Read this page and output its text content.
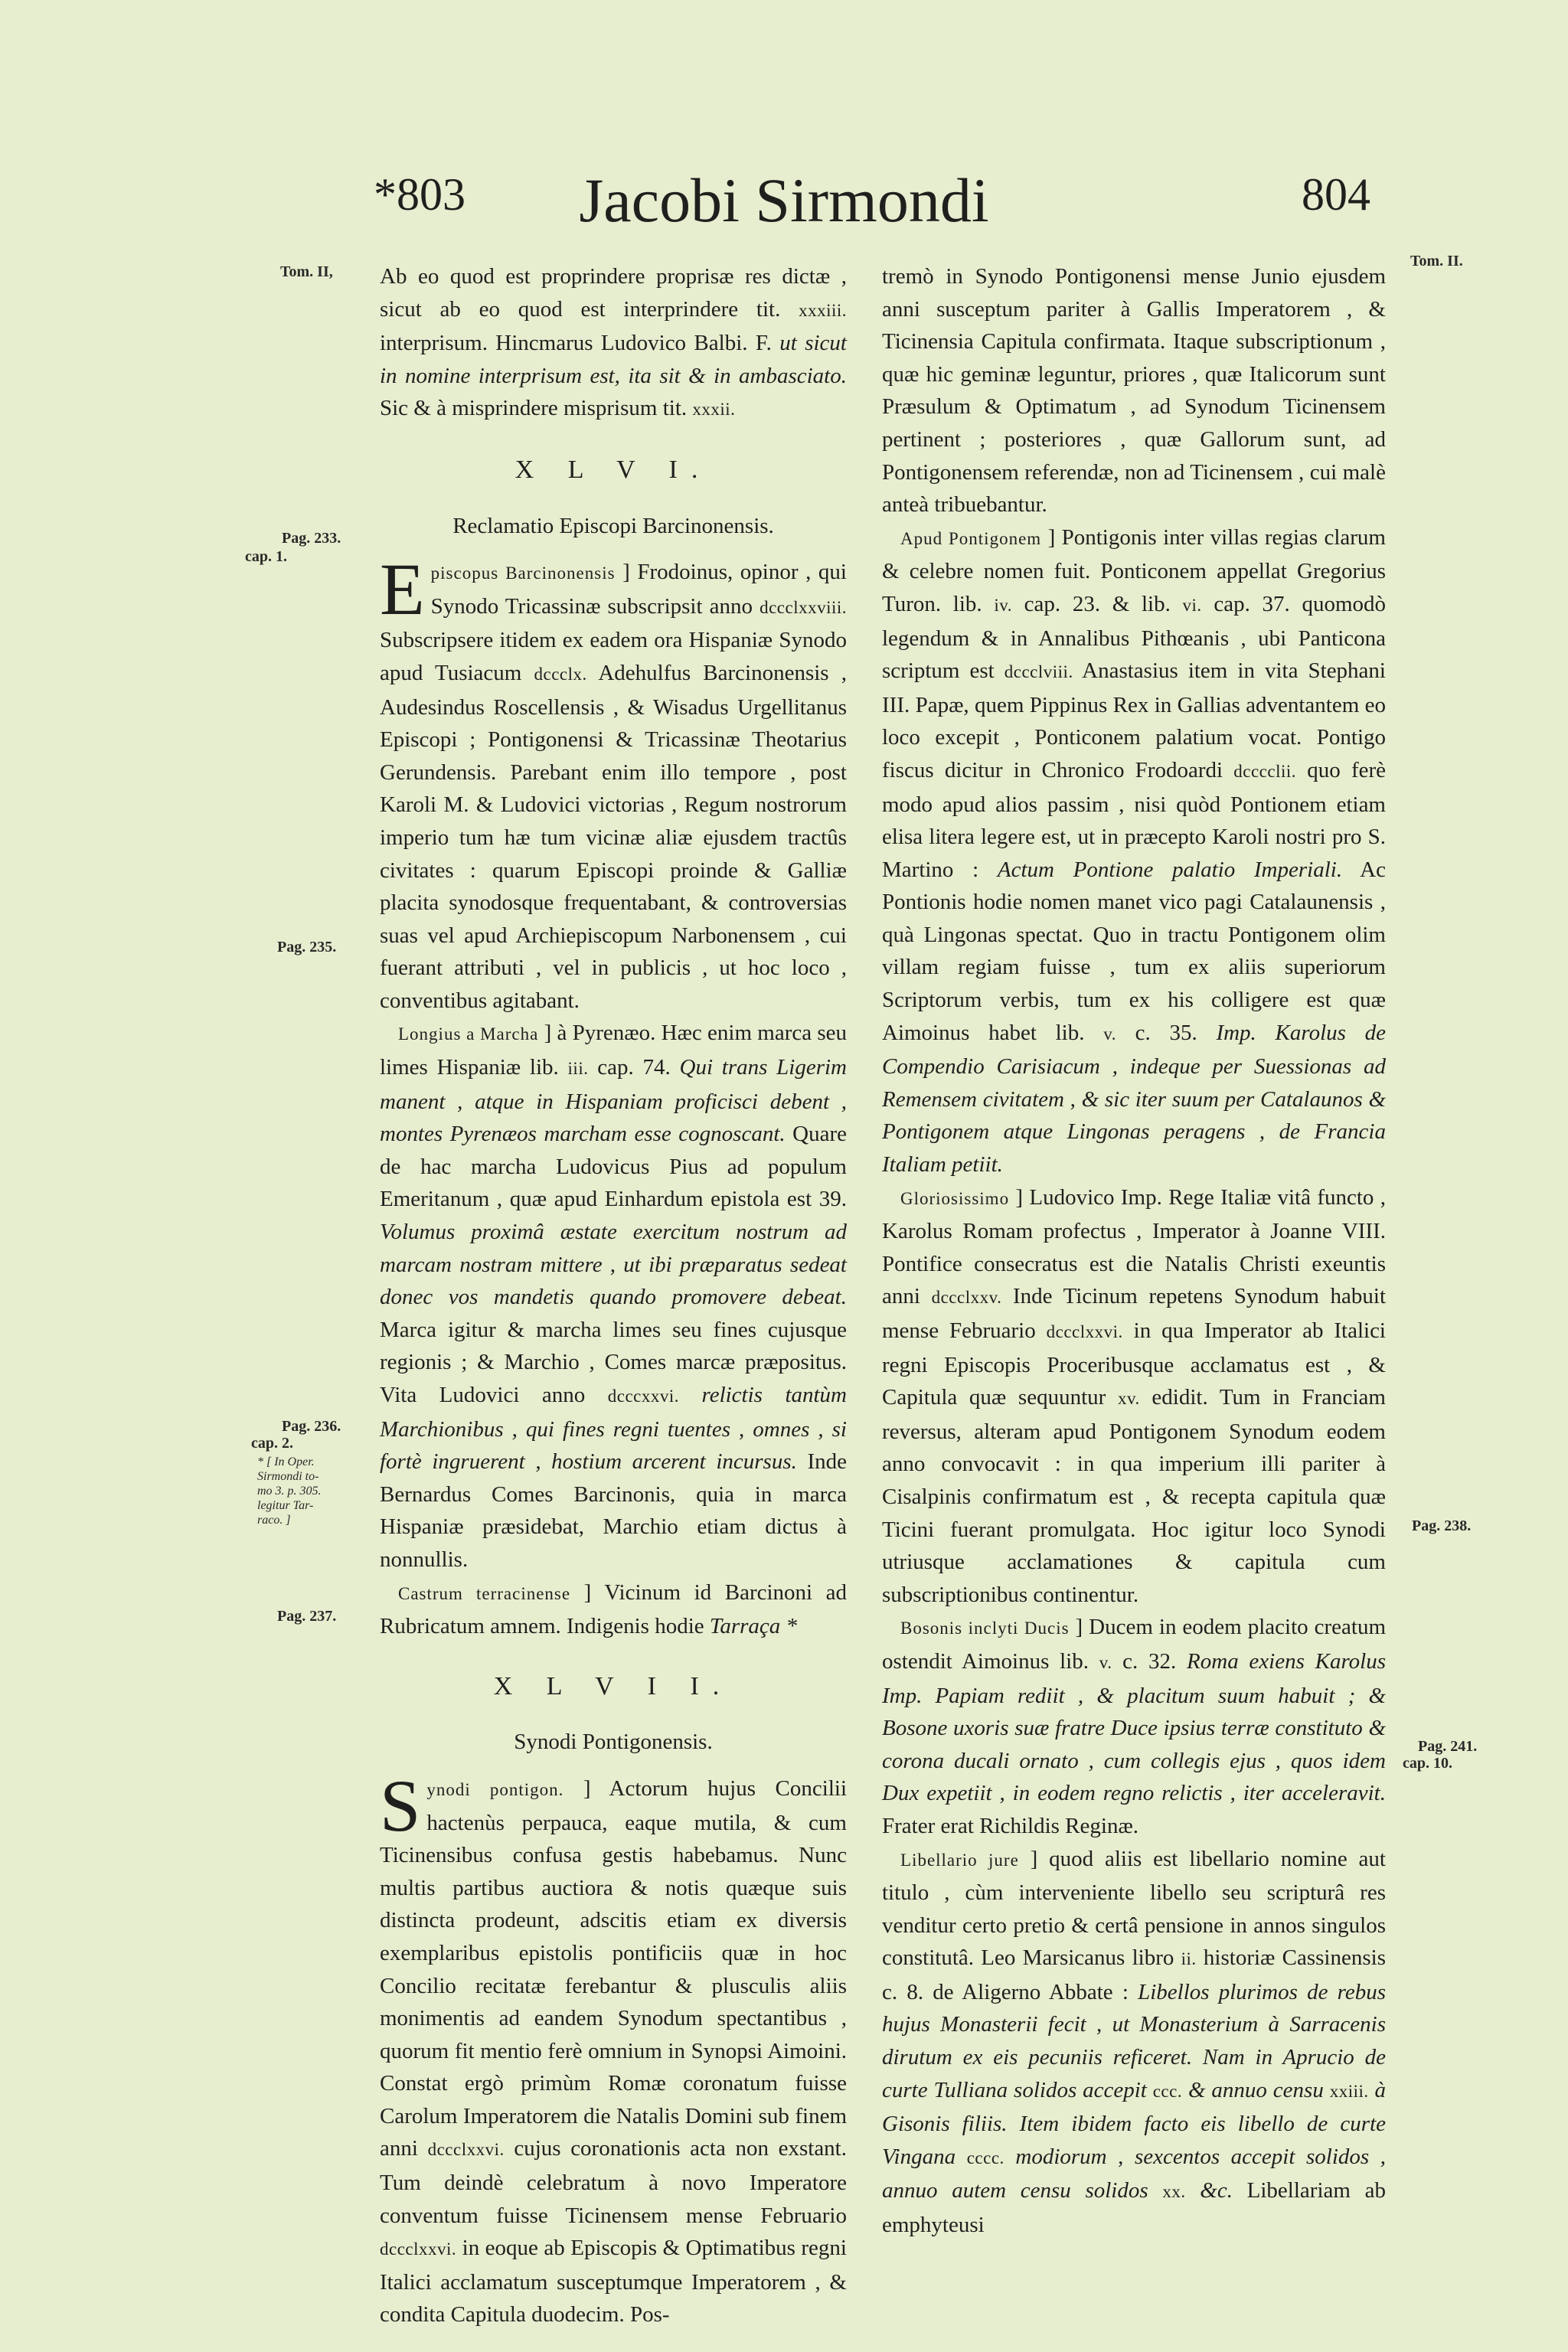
*803	Jacobi Sirmondi	804
Tom. II,
Tom. II.
Pag. 233.
cap. 1.
Pag. 235.
Pag. 236.
cap. 2.
* [ In Oper.
Sirmondi to-
mo 3. p. 305.
legitur Tar-
raco. ]
Pag. 237.
Pag. 238.
Pag. 241.
cap. 10.

Ab eo quod est proprindere proprisæ res dictæ , sicut ab eo quod est interprindere tit. xxxiii. interprisum. Hincmarus Ludovico Balbi. F. ut sicut in nomine interprisum est, ita sit & in ambasciato. Sic & à misprindere misprisum tit. xxxii.

X L V I.
Reclamatio Episcopi Barcinonensis.

Episcopus Barcinonensis ] Frodoinus, opinor , qui Synodo Tricassinæ subscripsit anno dccclxxviii. Subscripsere itidem ex eadem ora Hispaniæ Synodo apud Tusiacum dccclx. Adehulfus Barcinonensis , Audesindus Roscellensis , & Wisadus Urgellitanus Episcopi ; Pontigonensi & Tricassinæ Theotarius Gerundensis. Parebant enim illo tempore , post Karoli M. & Ludovici victorias , Regum nostrorum imperio tum hæ tum vicinæ aliæ ejusdem tractûs civitates : quarum Episcopi proinde & Galliæ placita synodosque frequentabant, & controversias suas vel apud Archiepiscopum Narbonensem , cui fuerant attributi , vel in publicis , ut hoc loco , conventibus agitabant.

Longius a Marcha ] à Pyrenæo. Hæc enim marca seu limes Hispaniæ lib. iii. cap. 74. Qui trans Ligerim manent , atque in Hispaniam proficisci debent , montes Pyrenæos marcham esse cognoscant. Quare de hac marcha Ludovicus Pius ad populum Emeritanum , quæ apud Einhardum epistola est 39. Volumus proximâ æstate exercitum nostrum ad marcam nostram mittere , ut ibi præparatus sedeat donec vos mandetis quando promovere debeat. Marca igitur & marcha limes seu fines cujusque regionis ; & Marchio , Comes marcæ præpositus. Vita Ludovici anno dcccxxvi. relictis tantùm Marchionibus , qui fines regni tuentes , omnes , si fortè ingruerent , hostium arcerent incursus. Inde Bernardus Comes Barcinonis, quia in marca Hispaniæ præsidebat, Marchio etiam dictus à nonnullis.

Castrum terracinense ] Vicinum id Barcinoni ad Rubricatum amnem. Indigenis hodie Tarraça *

X L V I I.
Synodi Pontigonensis.

Synodi pontigon. ] Actorum hujus Concilii hactenùs perpauca, eaque mutila, & cum Ticinensibus confusa gestis habebamus. Nunc multis partibus auctiora & notis quæque suis distincta prodeunt, adscitis etiam ex diversis exemplaribus epistolis pontificiis quæ in hoc Concilio recitatæ ferebantur & plusculis aliis monimentis ad eandem Synodum spectantibus , quorum fit mentio ferè omnium in Synopsi Aimoini. Constat ergò primùm Romæ coronatum fuisse Carolum Imperatorem die Natalis Domini sub finem anni dccclxxvi. cujus coronationis acta non exstant. Tum deindè celebratum à novo Imperatore conventum fuisse Ticinensem mense Februario dccclxxvi. in eoque ab Episcopis & Optimatibus regni Italici acclamatum susceptumque Imperatorem , & condita Capitula duodecim. Pos-

tremò in Synodo Pontigonensi mense Junio ejusdem anni susceptum pariter à Gallis Imperatorem , & Ticinensia Capitula confirmata. Itaque subscriptionum , quæ hic geminæ leguntur, priores , quæ Italicorum sunt Præsulum & Optimatum , ad Synodum Ticinensem pertinent ; posteriores , quæ Gallorum sunt, ad Pontigonensem referendæ, non ad Ticinensem , cui malè anteà tribuebantur.

Apud Pontigonem ] Pontigonis inter villas regias clarum & celebre nomen fuit. Ponticonem appellat Gregorius Turon. lib. iv. cap. 23. & lib. vi. cap. 37. quomodò legendum & in Annalibus Pithœanis , ubi Panticona scriptum est dccclviii. Anastasius item in vita Stephani III. Papæ, quem Pippinus Rex in Gallias adventantem eo loco excepit , Ponticonem palatium vocat. Pontigo fiscus dicitur in Chronico Frodoardi dcccclii. quo ferè modo apud alios passim , nisi quòd Pontionem etiam elisa litera legere est, ut in præcepto Karoli nostri pro S. Martino : Actum Pontione palatio Imperiali. Ac Pontionis hodie nomen manet vico pagi Catalaunensis , quà Lingonas spectat. Quo in tractu Pontigonem olim villam regiam fuisse , tum ex aliis superiorum Scriptorum verbis, tum ex his colligere est quæ Aimoinus habet lib. v. c. 35. Imp. Karolus de Compendio Carisiacum , indeque per Suessionas ad Remensem civitatem , & sic iter suum per Catalaunos & Pontigonem atque Lingonas peragens , de Francia Italiam petiit.

Gloriosissimo ] Ludovico Imp. Rege Italiæ vitâ functo , Karolus Romam profectus , Imperator à Joanne VIII. Pontifice consecratus est die Natalis Christi exeuntis anni dccclxxv. Inde Ticinum repetens Synodum habuit mense Februario dccclxxvi. in qua Imperator ab Italici regni Episcopis Proceribusque acclamatus est , & Capitula quæ sequuntur xv. edidit. Tum in Franciam reversus, alteram apud Pontigonem Synodum eodem anno convocavit : in qua imperium illi pariter à Cisalpinis confirmatum est , & recepta capitula quæ Ticini fuerant promulgata. Hoc igitur loco Synodi utriusque acclamationes & capitula cum subscriptionibus continentur.

Bosonis inclyti Ducis ] Ducem in eodem placito creatum ostendit Aimoinus lib. v. c. 32. Roma exiens Karolus Imp. Papiam rediit , & placitum suum habuit ; & Bosone uxoris suæ fratre Duce ipsius terræ constituto & corona ducali ornato , cum collegis ejus , quos idem Dux expetiit , in eodem regno relictis , iter acceleravit. Frater erat Richildis Reginæ.

Libellario jure ] quod aliis est libellario nomine aut titulo , cùm interveniente libello seu scripturâ res venditur certo pretio & certâ pensione in annos singulos constitutâ. Leo Marsicanus libro ii. historiæ Cassinensis c. 8. de Aligerno Abbate : Libellos plurimos de rebus hujus Monasterii fecit , ut Monasterium à Sarracenis dirutum ex eis pecuniis reficeret. Nam in Aprucio de curte Tulliana solidos accepit ccc. & annuo censu xxiii. à Gisonis filiis. Item ibidem facto eis libello de curte Vingana cccc. modiorum , sexcentos accepit solidos , annuo autem censu solidos xx. &c. Libellariam ab emphyteusi
